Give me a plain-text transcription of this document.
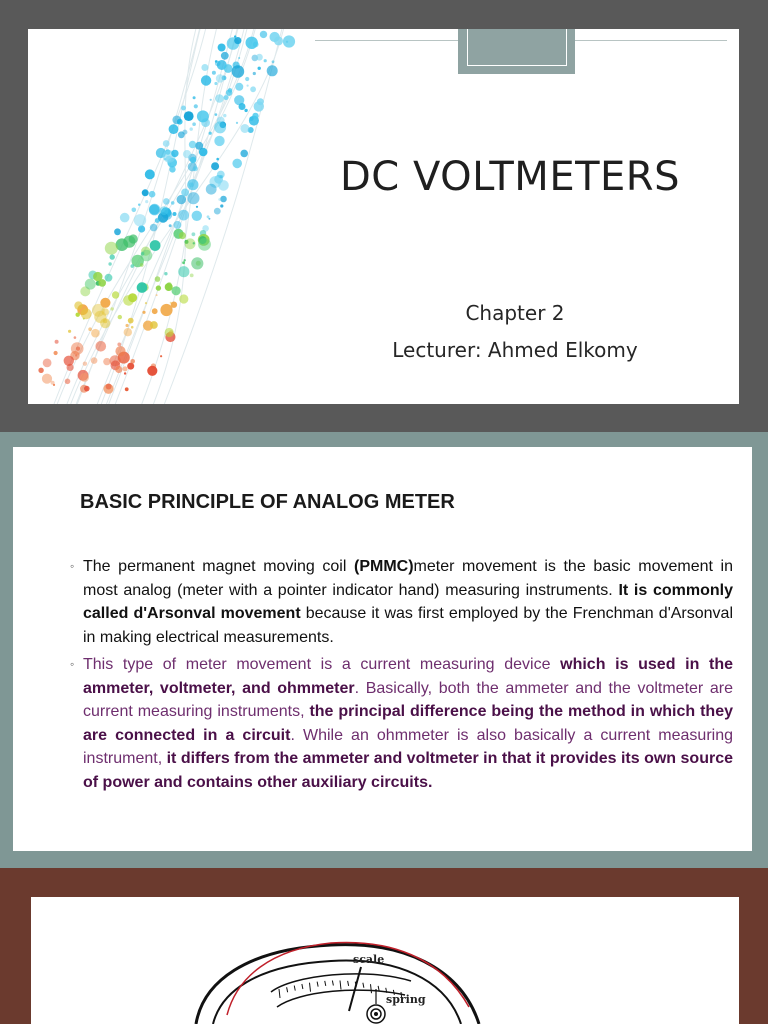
DC VOLTMETERS
Chapter 2
Lecturer: Ahmed Elkomy
BASIC PRINCIPLE OF ANALOG METER
◦ The permanent magnet moving coil (PMMC)meter movement is the basic movement in most analog (meter with a pointer indicator hand) measuring instruments. It is commonly called d'Arsonval movement because it was first employed by the Frenchman d'Arsonval in making electrical measurements.
◦ This type of meter movement is a current measuring device which is used in the ammeter, voltmeter, and ohmmeter. Basically, both the ammeter and the voltmeter are current measuring instruments, the principal difference being the method in which they are connected in a circuit. While an ohmmeter is also basically a current measuring instrument, it differs from the ammeter and voltmeter in that it provides its own source of power and contains other auxiliary circuits.
scale
spring
